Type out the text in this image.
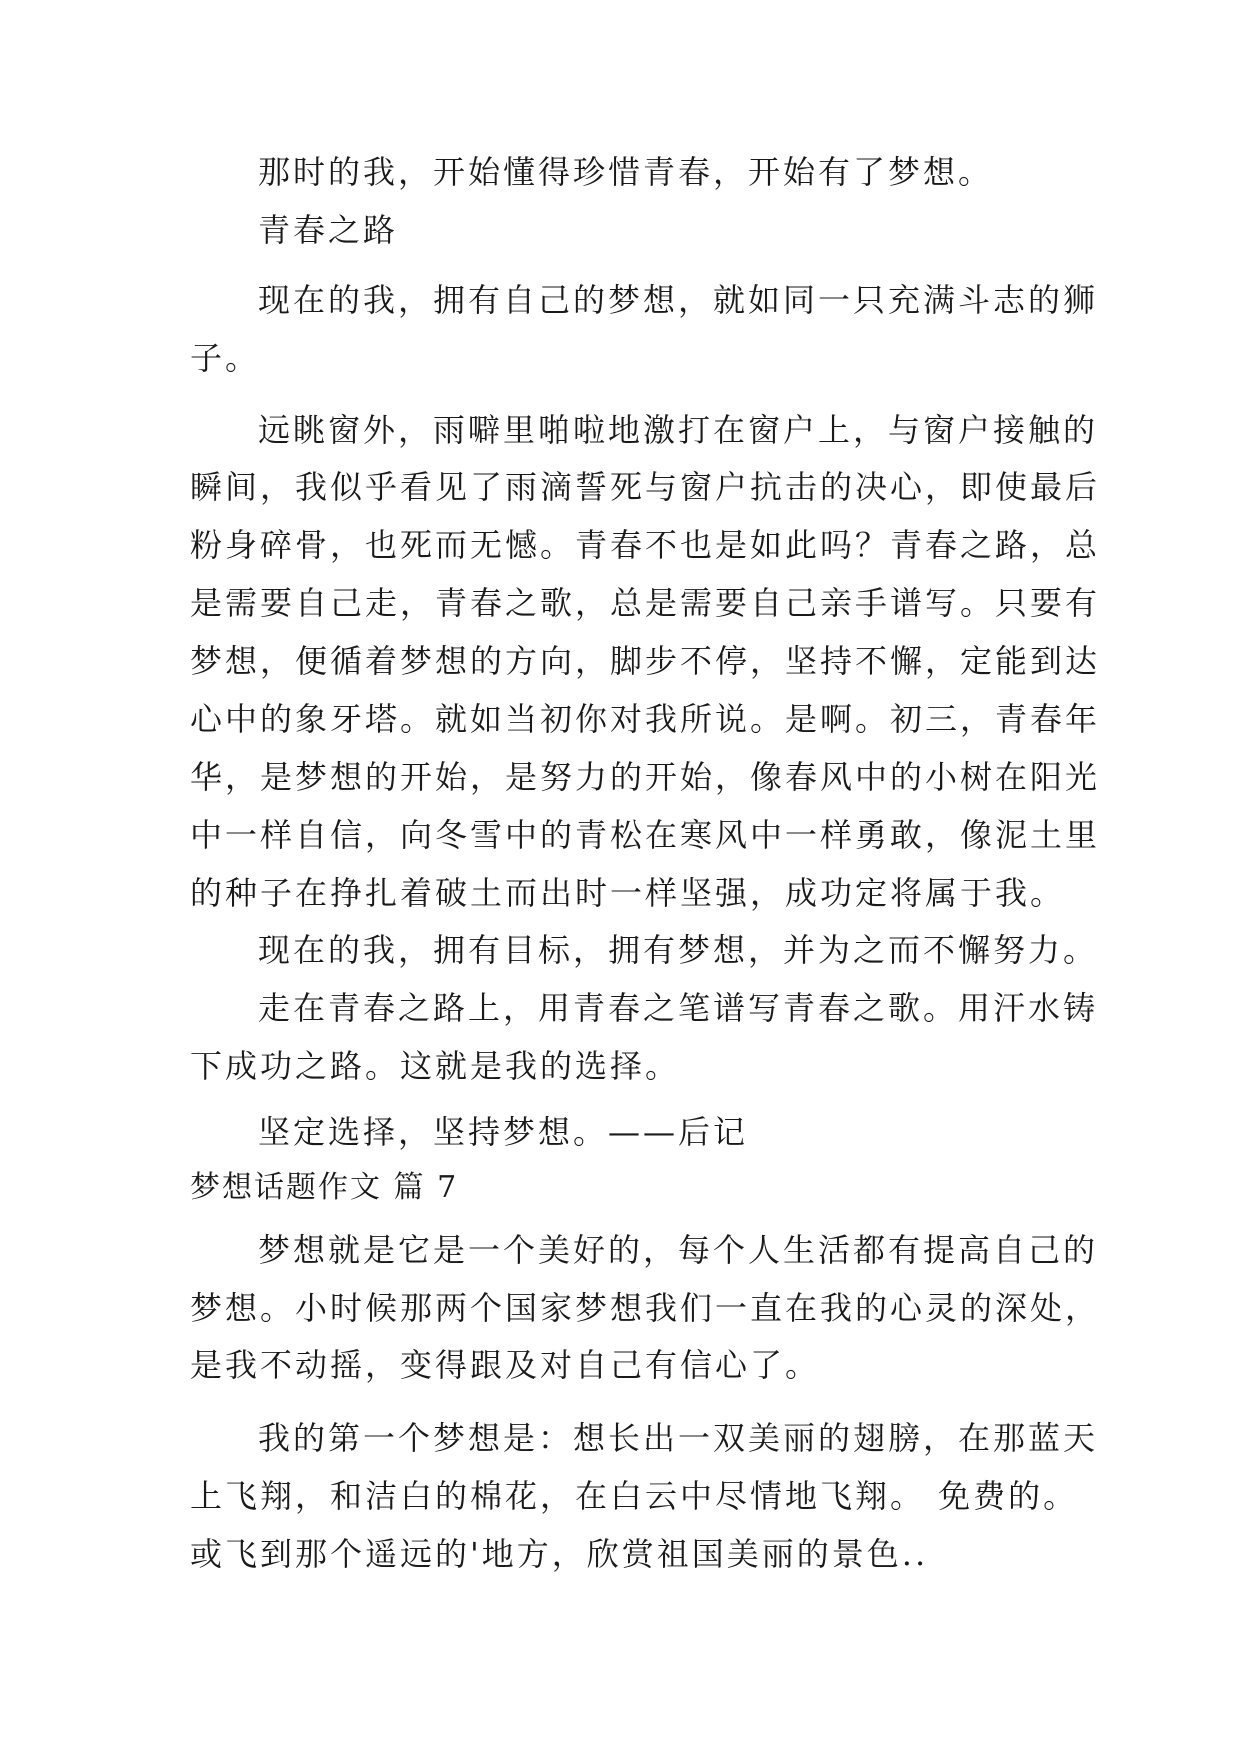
那时的我，开始懂得珍惜青春，开始有了梦想。
青春之路
现在的我，拥有自己的梦想，就如同一只充满斗志的狮
子。
远眺窗外，雨噼里啪啦地激打在窗户上，与窗户接触的
瞬间，我似乎看见了雨滴誓死与窗户抗击的决心，即使最后
粉身碎骨，也死而无憾。青春不也是如此吗？青春之路，总
是需要自己走，青春之歌，总是需要自己亲手谱写。只要有
梦想，便循着梦想的方向，脚步不停，坚持不懈，定能到达
心中的象牙塔。就如当初你对我所说。是啊。初三，青春年
华，是梦想的开始，是努力的开始，像春风中的小树在阳光
中一样自信，向冬雪中的青松在寒风中一样勇敢，像泥土里
的种子在挣扎着破土而出时一样坚强，成功定将属于我。
现在的我，拥有目标，拥有梦想，并为之而不懈努力。
走在青春之路上，用青春之笔谱写青春之歌。用汗水铸
下成功之路。这就是我的选择。
坚定选择，坚持梦想。——后记
梦想话题作文 篇 7
梦想就是它是一个美好的，每个人生活都有提高自己的
梦想。小时候那两个国家梦想我们一直在我的心灵的深处，
是我不动摇，变得跟及对自己有信心了。
我的第一个梦想是：想长出一双美丽的翅膀，在那蓝天
上飞翔，和洁白的棉花，在白云中尽情地飞翔。 免费的。
或飞到那个遥远的'地方，欣赏祖国美丽的景色..
